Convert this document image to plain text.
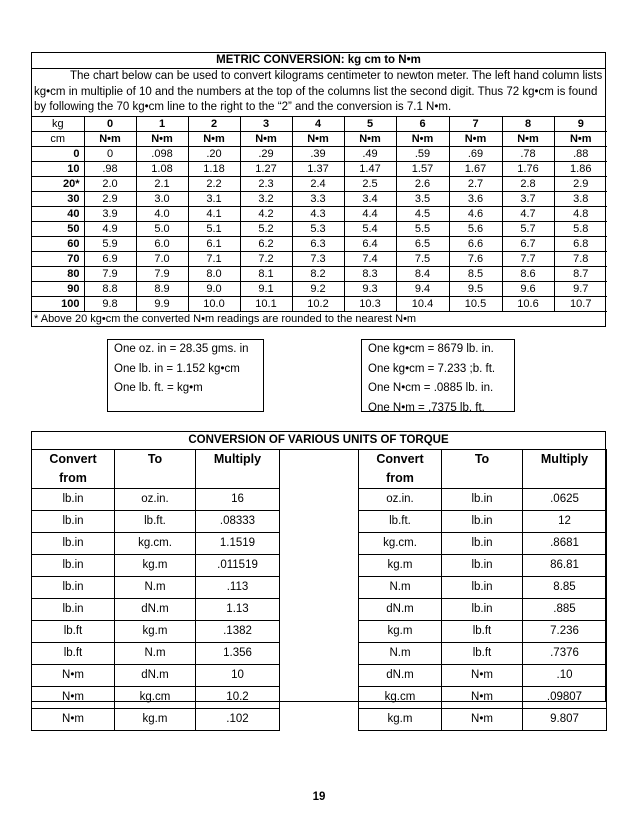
METRIC CONVERSION: kg cm to N•m
The chart below can be used to convert kilograms centimeter to newton meter. The left hand column lists
kg•cm in multiplie of 10 and the numbers at the top of the columns list the second digit. Thus 72 kg•cm is found
by following the 70 kg•cm line to the right to the “2” and the conversion is 7.1 N•m.
kg	0	1	2	3	4	5	6	7	8	9
cm	N•m	N•m	N•m	N•m	N•m	N•m	N•m	N•m	N•m	N•m
0	0	.098	.20	.29	.39	.49	.59	.69	.78	.88
10	.98	1.08	1.18	1.27	1.37	1.47	1.57	1.67	1.76	1.86
20*	2.0	2.1	2.2	2.3	2.4	2.5	2.6	2.7	2.8	2.9
30	2.9	3.0	3.1	3.2	3.3	3.4	3.5	3.6	3.7	3.8
40	3.9	4.0	4.1	4.2	4.3	4.4	4.5	4.6	4.7	4.8
50	4.9	5.0	5.1	5.2	5.3	5.4	5.5	5.6	5.7	5.8
60	5.9	6.0	6.1	6.2	6.3	6.4	6.5	6.6	6.7	6.8
70	6.9	7.0	7.1	7.2	7.3	7.4	7.5	7.6	7.7	7.8
80	7.9	7.9	8.0	8.1	8.2	8.3	8.4	8.5	8.6	8.7
90	8.8	8.9	9.0	9.1	9.2	9.3	9.4	9.5	9.6	9.7
100	9.8	9.9	10.0	10.1	10.2	10.3	10.4	10.5	10.6	10.7
* Above 20 kg•cm the converted N•m readings are rounded to the nearest N•m
One oz. in = 28.35 gms. in
One lb. in = 1.152 kg•cm
One lb. ft. = kg•m
One kg•cm = 8679 lb. in.
One kg•cm = 7.233 ;b. ft.
One N•cm = .0885 lb. in.
One N•m = .7375 lb. ft.
CONVERSION OF VARIOUS UNITS OF TORQUE
Convert	To	Multiply
from		
lb.in	oz.in.	16
lb.in	lb.ft.	.08333
lb.in	kg.cm.	1.1519
lb.in	kg.m	.011519
lb.in	N.m	.113
lb.in	dN.m	1.13
lb.ft	kg.m	.1382
lb.ft	N.m	1.356
N•m	dN.m	10
N•m	kg.cm	10.2
N•m	kg.m	.102
Convert	To	Multiply
from		
oz.in.	lb.in	.0625
lb.ft.	lb.in	12
kg.cm.	lb.in	.8681
kg.m	lb.in	86.81
N.m	lb.in	8.85
dN.m	lb.in	.885
kg.m	lb.ft	7.236
N.m	lb.ft	.7376
dN.m	N•m	.10
kg.cm	N•m	.09807
kg.m	N•m	9.807
19
